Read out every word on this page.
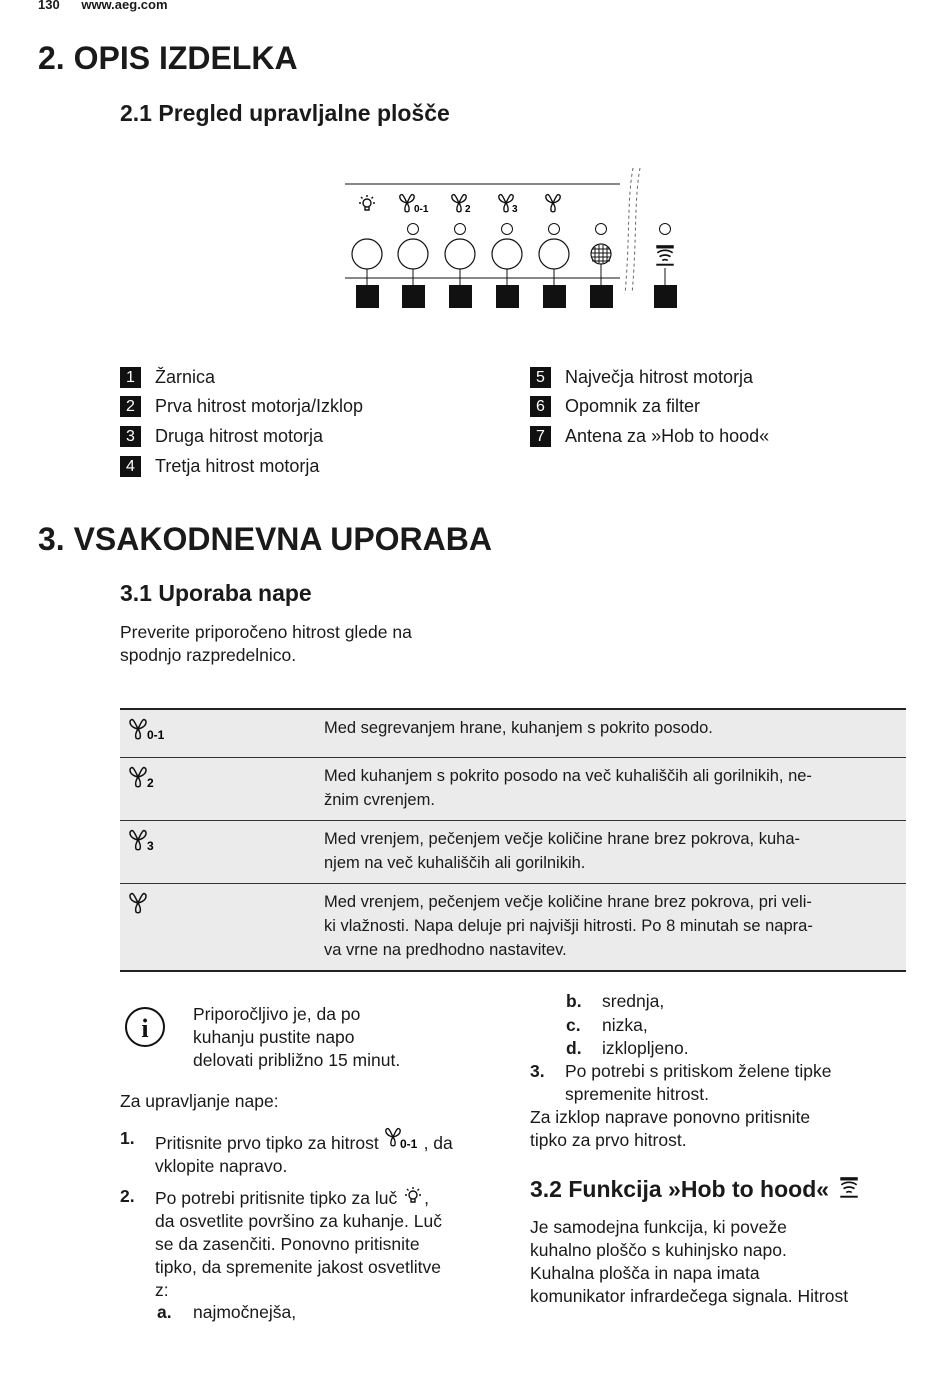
130 www.aeg.com
2. OPIS IZDELKA
2.1 Pregled upravljalne plošče
0-1	2	3
1	Žarnica
2	Prva hitrost motorja/Izklop
3	Druga hitrost motorja
4	Tretja hitrost motorja
5	Največja hitrost motorja
6	Opomnik za filter
7	Antena za »Hob to hood«
3. VSAKODNEVNA UPORABA
3.1 Uporaba nape
Preverite priporočeno hitrost glede na
spodnjo razpredelnico.
0-1	Med segrevanjem hrane, kuhanjem s pokrito posodo.

2	Med kuhanjem s pokrito posodo na več kuhališčih ali gorilnikih, ne-
žnim cvrenjem.

3	Med vrenjem, pečenjem večje količine hrane brez pokrova, kuha-
njem na več kuhališčih ali gorilnikih.

Med vrenjem, pečenjem večje količine hrane brez pokrova, pri veli-
ki vlažnosti. Napa deluje pri najvišji hitrosti. Po 8 minutah se napra-
va vrne na predhodno nastavitev.
i	Priporočljivo je, da po
kuhanju pustite napo
delovati približno 15 minut.
Za upravljanje nape:
1. Pritisnite prvo tipko za hitrost 0-1 , da
vklopite napravo.
2. Po potrebi pritisnite tipko za luč ,
da osvetlite površino za kuhanje. Luč
se da zasenčiti. Ponovno pritisnite
tipko, da spremenite jakost osvetlitve
z:
a. najmočnejša,
b. srednja,
c. nizka,
d. izklopljeno.
3. Po potrebi s pritiskom želene tipke
spremenite hitrost.
Za izklop naprave ponovno pritisnite
tipko za prvo hitrost.
3.2 Funkcija »Hob to hood«
Je samodejna funkcija, ki poveže
kuhalno ploščo s kuhinjsko napo.
Kuhalna plošča in napa imata
komunikator infrardečega signala. Hitrost
